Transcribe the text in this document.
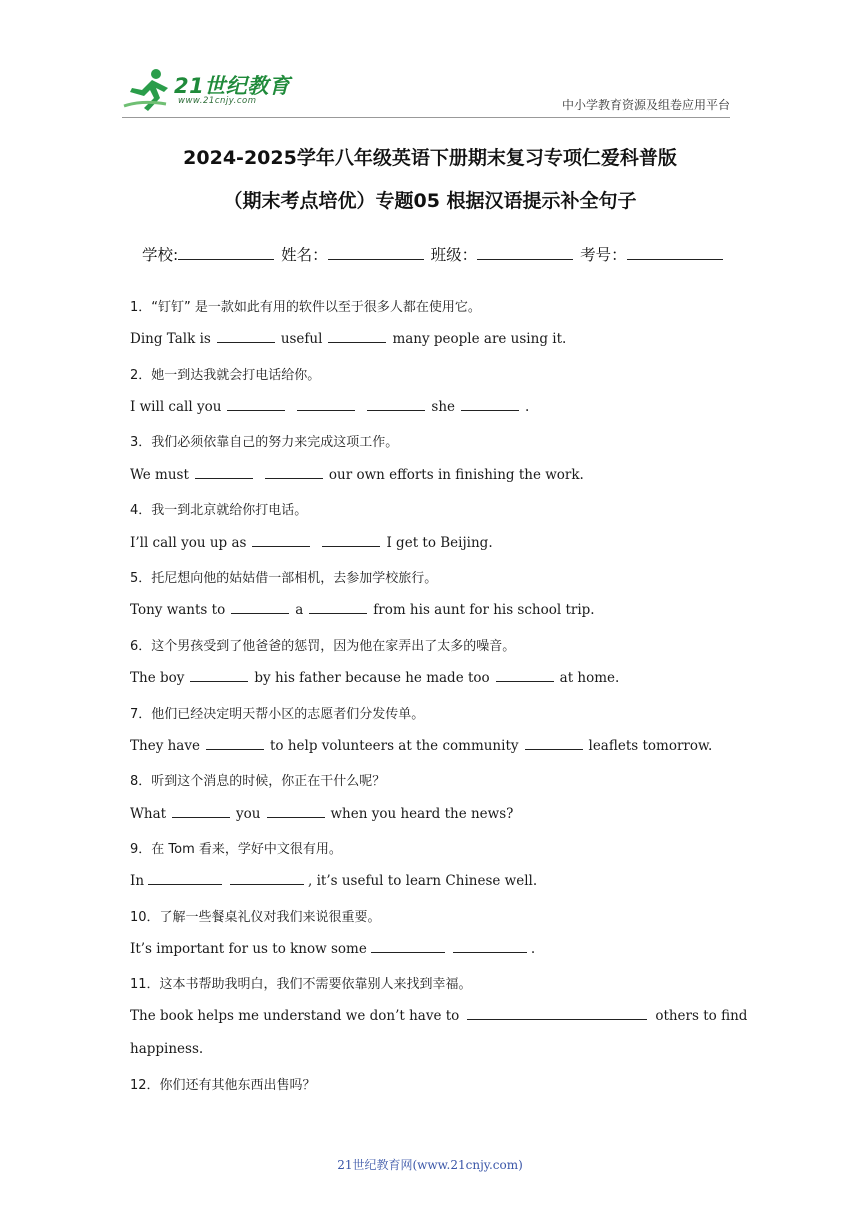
21世纪教育
www.21cnjy.com	中小学教育资源及组卷应用平台
2024-2025学年八年级英语下册期末复习专项仁爱科普版
（期末考点培优）专题05 根据汉语提示补全句子
学校:	姓名：	班级：	考号：
1．“钉钉” 是一款如此有用的软件以至于很多人都在使用它。
Ding Talk is	useful	many people are using it.
2．她一到达我就会打电话给你。
I will call you	she	.
3．我们必须依靠自己的努力来完成这项工作。
We must	our own efforts in finishing the work.
4．我一到北京就给你打电话。
I’ll call you up as	I get to Beijing.
5．托尼想向他的姑姑借一部相机，去参加学校旅行。
Tony wants to	a	from his aunt for his school trip.
6．这个男孩受到了他爸爸的惩罚，因为他在家弄出了太多的噪音。
The boy	by his father because he made too	at home.
7．他们已经决定明天帮小区的志愿者们分发传单。
They have	to help volunteers at the community	leaflets tomorrow.
8．听到这个消息的时候，你正在干什么呢？
What	you	when you heard the news?
9．在 Tom 看来，学好中文很有用。
In	, it’s useful to learn Chinese well.
10．了解一些餐桌礼仪对我们来说很重要。
It’s important for us to know some	.
11．这本书帮助我明白，我们不需要依靠别人来找到幸福。
The book helps me understand we don’t have to	others to find
happiness.
12．你们还有其他东西出售吗？
21世纪教育网(www.21cnjy.com)
